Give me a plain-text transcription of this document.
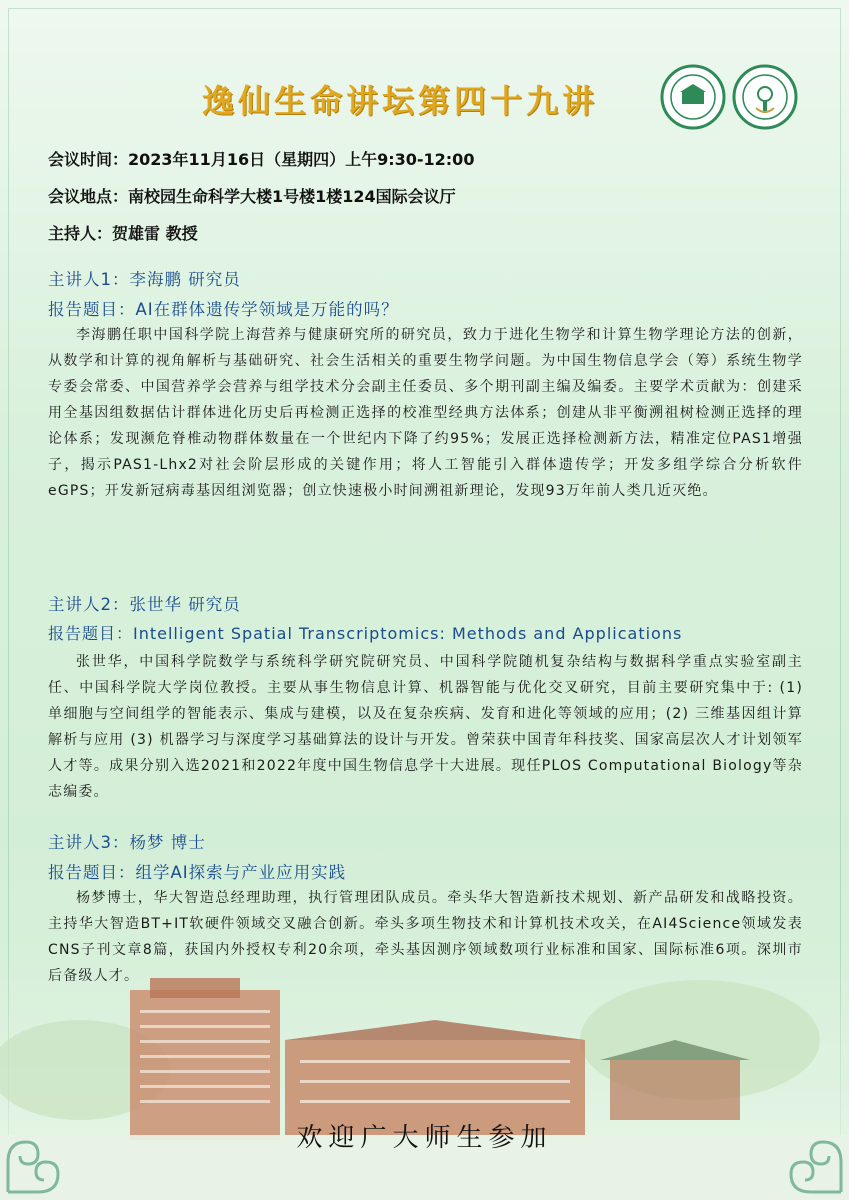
逸仙生命讲坛第四十九讲
会议时间：2023年11月16日（星期四）上午9:30-12:00
会议地点：南校园生命科学大楼1号楼1楼124国际会议厅
主持人：贺雄雷 教授
主讲人1：李海鹏 研究员
报告题目：AI在群体遗传学领域是万能的吗？
李海鹏任职中国科学院上海营养与健康研究所的研究员，致力于进化生物学和计算生物学理论方法的创新，从数学和计算的视角解析与基础研究、社会生活相关的重要生物学问题。为中国生物信息学会（筹）系统生物学专委会常委、中国营养学会营养与组学技术分会副主任委员、多个期刊副主编及编委。主要学术贡献为：创建采用全基因组数据估计群体进化历史后再检测正选择的校准型经典方法体系；创建从非平衡溯祖树检测正选择的理论体系；发现濒危脊椎动物群体数量在一个世纪内下降了约95%；发展正选择检测新方法，精准定位PAS1增强子，揭示PAS1-Lhx2对社会阶层形成的关键作用；将人工智能引入群体遗传学；开发多组学综合分析软件eGPS；开发新冠病毒基因组浏览器；创立快速极小时间溯祖新理论，发现93万年前人类几近灭绝。
主讲人2：张世华 研究员
报告题目：Intelligent Spatial Transcriptomics: Methods and Applications
张世华，中国科学院数学与系统科学研究院研究员、中国科学院随机复杂结构与数据科学重点实验室副主任、中国科学院大学岗位教授。主要从事生物信息计算、机器智能与优化交叉研究，目前主要研究集中于: (1) 单细胞与空间组学的智能表示、集成与建模，以及在复杂疾病、发育和进化等领域的应用；(2) 三维基因组计算解析与应用 (3) 机器学习与深度学习基础算法的设计与开发。曾荣获中国青年科技奖、国家高层次人才计划领军人才等。成果分别入选2021和2022年度中国生物信息学十大进展。现任PLOS Computational Biology等杂志编委。
主讲人3：杨梦 博士
报告题目：组学AI探索与产业应用实践
杨梦博士，华大智造总经理助理，执行管理团队成员。牵头华大智造新技术规划、新产品研发和战略投资。主持华大智造BT+IT软硬件领域交叉融合创新。牵头多项生物技术和计算机技术攻关，在AI4Science领域发表CNS子刊文章8篇，获国内外授权专利20余项，牵头基因测序领域数项行业标准和国家、国际标准6项。深圳市后备级人才。
欢迎广大师生参加
